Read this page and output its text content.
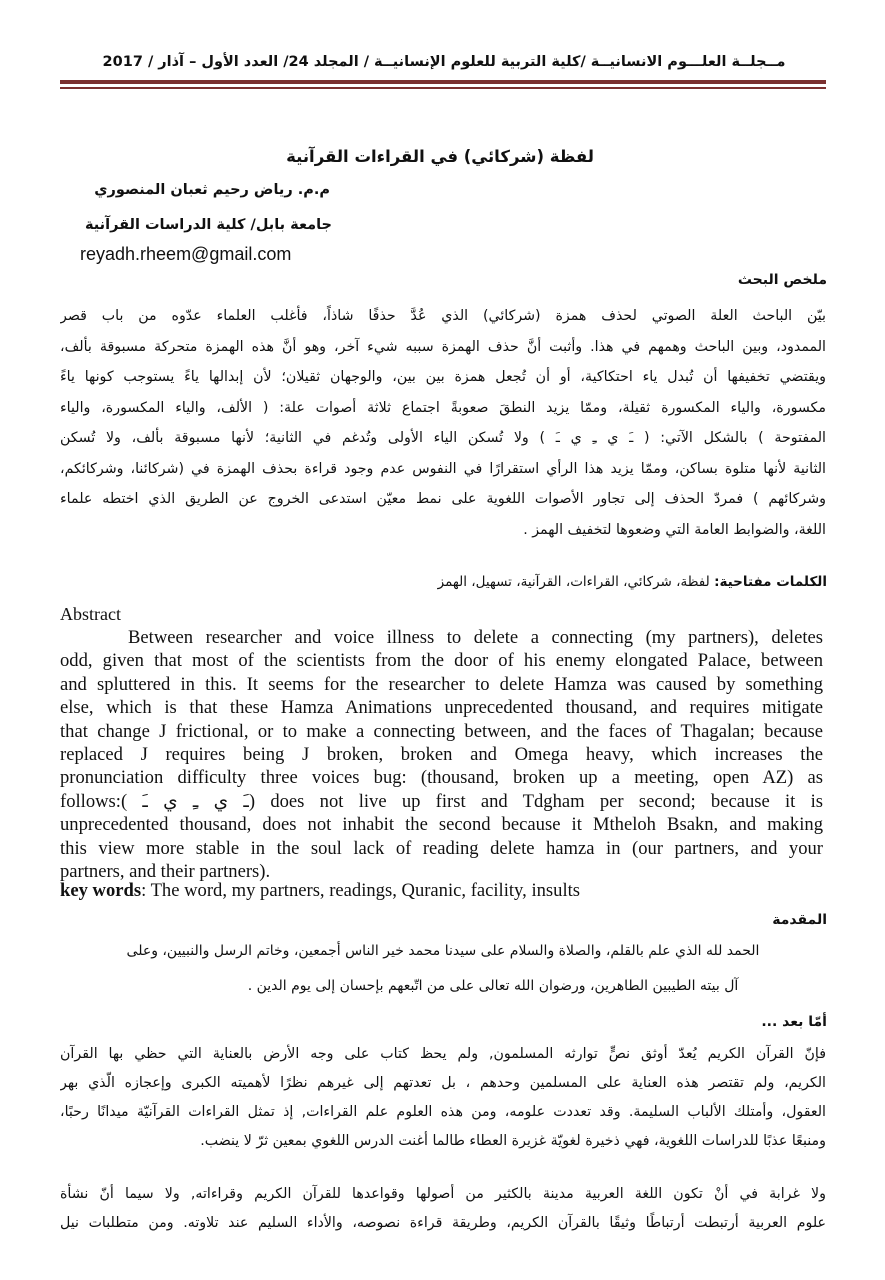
مــجلــة العلـــوم الانسانيــة /كلية التربية للعلوم الإنسانيــة / المجلد 24/ العدد الأول – آذار / 2017
لفظة (شركائي) في القراءات القرآنية
م.م. رياض رحيم ثعبان المنصوري
جامعة بابل/ كلية الدراسات القرآنية
reyadh.rheem@gmail.com
ملخص البحث
بيّن الباحث العلة الصوتي لحذف همزة (شركائي) الذي عُدَّ حذفًا شاذاً، فأغلب العلماء عدّوه من باب قصر
الممدود، وبين الباحث وهمهم في هذا. وأثبت أنَّ حذف الهمزة سببه شيء آخر، وهو أنَّ هذه الهمزة متحركة مسبوقة بألف،
ويقتضي تخفيفها أن تُبدل ياء احتكاكية، أو أن تُجعل همزة بين بين، والوجهان ثقيلان؛ لأن إبدالها ياءً يستوجب كونها ياءً
مكسورة، والياء المكسورة ثقيلة، وممّا يزيد النطقَ صعوبةً اجتماع ثلاثة أصوات علة: ( الألف، والياء المكسورة، والياء
المفتوحة ) بالشكل الآتي: ( ـَ ي ـِ ي ـَ ) ولا تُسكن الياء الأولى وتُدغم في الثانية؛ لأنها مسبوقة بألف، ولا تُسكن
الثانية لأنها متلوة بساكن، وممّا يزيد هذا الرأي استقرارًا في النفوس عدم وجود قراءة بحذف الهمزة في (شركائنا، وشركائكم،
وشركائهم ) فمردّ الحذف إلى تجاور الأصوات اللغوية على نمط معيّن استدعى الخروج عن الطريق الذي اختطه علماء
اللغة، والضوابط العامة التي وضعوها لتخفيف الهمز .
الكلمات مفتاحية: لفظة، شركائي، القراءات، القرآنية، تسهيل، الهمز
Abstract
Between researcher and voice illness to delete a connecting (my partners), deletes
odd, given that most of the scientists from the door of his enemy elongated Palace, between
and spluttered in this. It seems for the researcher to delete Hamza was caused by something
else, which is that these Hamza Animations unprecedented thousand, and requires mitigate
that change J frictional, or to make a connecting between, and the faces of Thagalan; because
replaced J requires being J broken, broken and Omega heavy, which increases the
pronunciation difficulty three voices bug: (thousand, broken up a meeting, open AZ) as
follows:( ـَ ي ـِ ي ـَ) does not live up first and Tdgham per second; because it is
unprecedented thousand, does not inhabit the second because it Mtheloh Bsakn, and making
this view more stable in the soul lack of reading delete hamza in (our partners, and your
partners, and their partners).
key words: The word, my partners, readings, Quranic, facility, insults
المقدمة
الحمد لله الذي علم بالقلم، والصلاة والسلام على سيدنا محمد خير الناس أجمعين، وخاتم الرسل والنبيين، وعلى
آل بيته الطيبين الطاهرين، ورضوان الله تعالى على من اتّبعهم بإحسان إلى يوم الدين .
أمّا بعد ...
فإنّ القرآن الكريم يُعدّ أوثق نصٍّ توارثه المسلمون, ولم يحظ كتاب على وجه الأرض بالعناية التي حظي بها القرآن
الكريم، ولم تقتصر هذه العناية على المسلمين وحدهم ، بل تعدتهم إلى غيرهم نظرًا لأهميته الكبرى وإعجازه الّذي بهر
العقول، وأمتلك الألباب السليمة. وقد تعددت علومه، ومن هذه العلوم علم القراءات, إذ تمثل القراءات القرآنيّة ميدانًا رحبًا،
ومنبعًا عذبًا للدراسات اللغوية، فهي ذخيرة لغويّة غزيرة العطاء طالما أغنت الدرس اللغوي بمعين ثرّ لا ينضب.
ولا غرابة في أنْ تكون اللغة العربية مدينة بالكثير من أصولها وقواعدها للقرآن الكريم وقراءاته, ولا سيما أنّ نشأة
علوم العربية أرتبطت أرتباطًا وثيقًا بالقرآن الكريم، وطريقة قراءة نصوصه، والأداء السليم عند تلاوته. ومن متطلبات نيل
